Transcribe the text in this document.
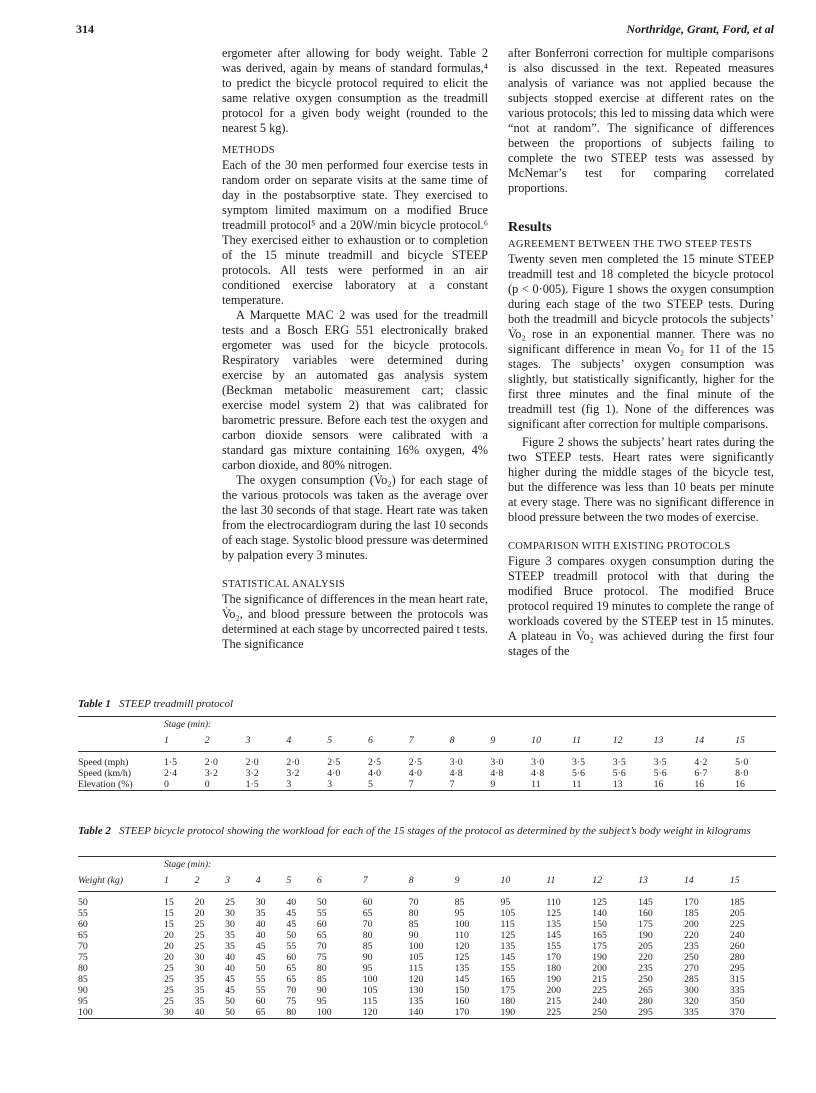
314	Northridge, Grant, Ford, et al

ergometer after allowing for body weight. Table 2 was derived, again by means of standard formulas,⁴ to predict the bicycle protocol required to elicit the same relative oxygen consumption as the treadmill protocol for a given body weight (rounded to the nearest 5 kg).

METHODS

Each of the 30 men performed four exercise tests in random order on separate visits at the same time of day in the postabsorptive state. They exercised to symptom limited maximum on a modified Bruce treadmill protocol⁵ and a 20W/min bicycle protocol.⁶ They exercised either to exhaustion or to completion of the 15 minute treadmill and bicycle STEEP protocols. All tests were performed in an air conditioned exercise laboratory at a constant temperature.

A Marquette MAC 2 was used for the treadmill tests and a Bosch ERG 551 electronically braked ergometer was used for the bicycle protocols. Respiratory variables were determined during exercise by an automated gas analysis system (Beckman metabolic measurement cart; classic exercise model system 2) that was calibrated for barometric pressure. Before each test the oxygen and carbon dioxide sensors were calibrated with a standard gas mixture containing 16% oxygen, 4% carbon dioxide, and 80% nitrogen.

The oxygen consumption (V̇o₂) for each stage of the various protocols was taken as the average over the last 30 seconds of that stage. Heart rate was taken from the electrocardiogram during the last 10 seconds of each stage. Systolic blood pressure was determined by palpation every 3 minutes.

STATISTICAL ANALYSIS

The significance of differences in the mean heart rate, V̇o₂, and blood pressure between the protocols was determined at each stage by uncorrected paired t tests. The significance

after Bonferroni correction for multiple comparisons is also discussed in the text. Repeated measures analysis of variance was not applied because the subjects stopped exercise at different rates on the various protocols; this led to missing data which were “not at random”. The significance of differences between the proportions of subjects failing to complete the two STEEP tests was assessed by McNemar’s test for comparing correlated proportions.

Results
AGREEMENT BETWEEN THE TWO STEEP TESTS

Twenty seven men completed the 15 minute STEEP treadmill test and 18 completed the bicycle protocol (p < 0·005). Figure 1 shows the oxygen consumption during each stage of the two STEEP tests. During both the treadmill and bicycle protocols the subjects’ V̇o₂ rose in an exponential manner. There was no significant difference in mean V̇o₂ for 11 of the 15 stages. The subjects’ oxygen consumption was slightly, but statistically significantly, higher for the first three minutes and the final minute of the treadmill test (fig 1). None of the differences was significant after correction for multiple comparisons.

Figure 2 shows the subjects’ heart rates during the two STEEP tests. Heart rates were significantly higher during the middle stages of the bicycle test, but the difference was less than 10 beats per minute at every stage. There was no significant difference in blood pressure between the two modes of exercise.

COMPARISON WITH EXISTING PROTOCOLS

Figure 3 compares oxygen consumption during the STEEP treadmill protocol with that during the modified Bruce protocol. The modified Bruce protocol required 19 minutes to complete the range of workloads covered by the STEEP test in 15 minutes. A plateau in V̇o₂ was achieved during the first four stages of the

Table 1 STEEP treadmill protocol
	Stage (min):														
	1	2	3	4	5	6	7	8	9	10	11	12	13	14	15

Speed (mph)	1·5	2·0	2·0	2·0	2·5	2·5	2·5	3·0	3·0	3·0	3·5	3·5	3·5	4·2	5·0
Speed (km/h)	2·4	3·2	3·2	3·2	4·0	4·0	4·0	4·8	4·8	4·8	5·6	5·6	5·6	6·7	8·0
Elevation (%)	0	0	1·5	3	3	5	7	7	9	11	11	13	16	16	16

Table 2 STEEP bicycle protocol showing the workload for each of the 15 stages of the protocol as determined by the subject’s body weight in kilograms
	Stage (min):														
Weight (kg)	1	2	3	4	5	6	7	8	9	10	11	12	13	14	15

50	15	20	25	30	40	50	60	70	85	95	110	125	145	170	185
55	15	20	30	35	45	55	65	80	95	105	125	140	160	185	205
60	15	25	30	40	45	60	70	85	100	115	135	150	175	200	225
65	20	25	35	40	50	65	80	90	110	125	145	165	190	220	240
70	20	25	35	45	55	70	85	100	120	135	155	175	205	235	260
75	20	30	40	45	60	75	90	105	125	145	170	190	220	250	280
80	25	30	40	50	65	80	95	115	135	155	180	200	235	270	295
85	25	35	45	55	65	85	100	120	145	165	190	215	250	285	315
90	25	35	45	55	70	90	105	130	150	175	200	225	265	300	335
95	25	35	50	60	75	95	115	135	160	180	215	240	280	320	350
100	30	40	50	65	80	100	120	140	170	190	225	250	295	335	370
